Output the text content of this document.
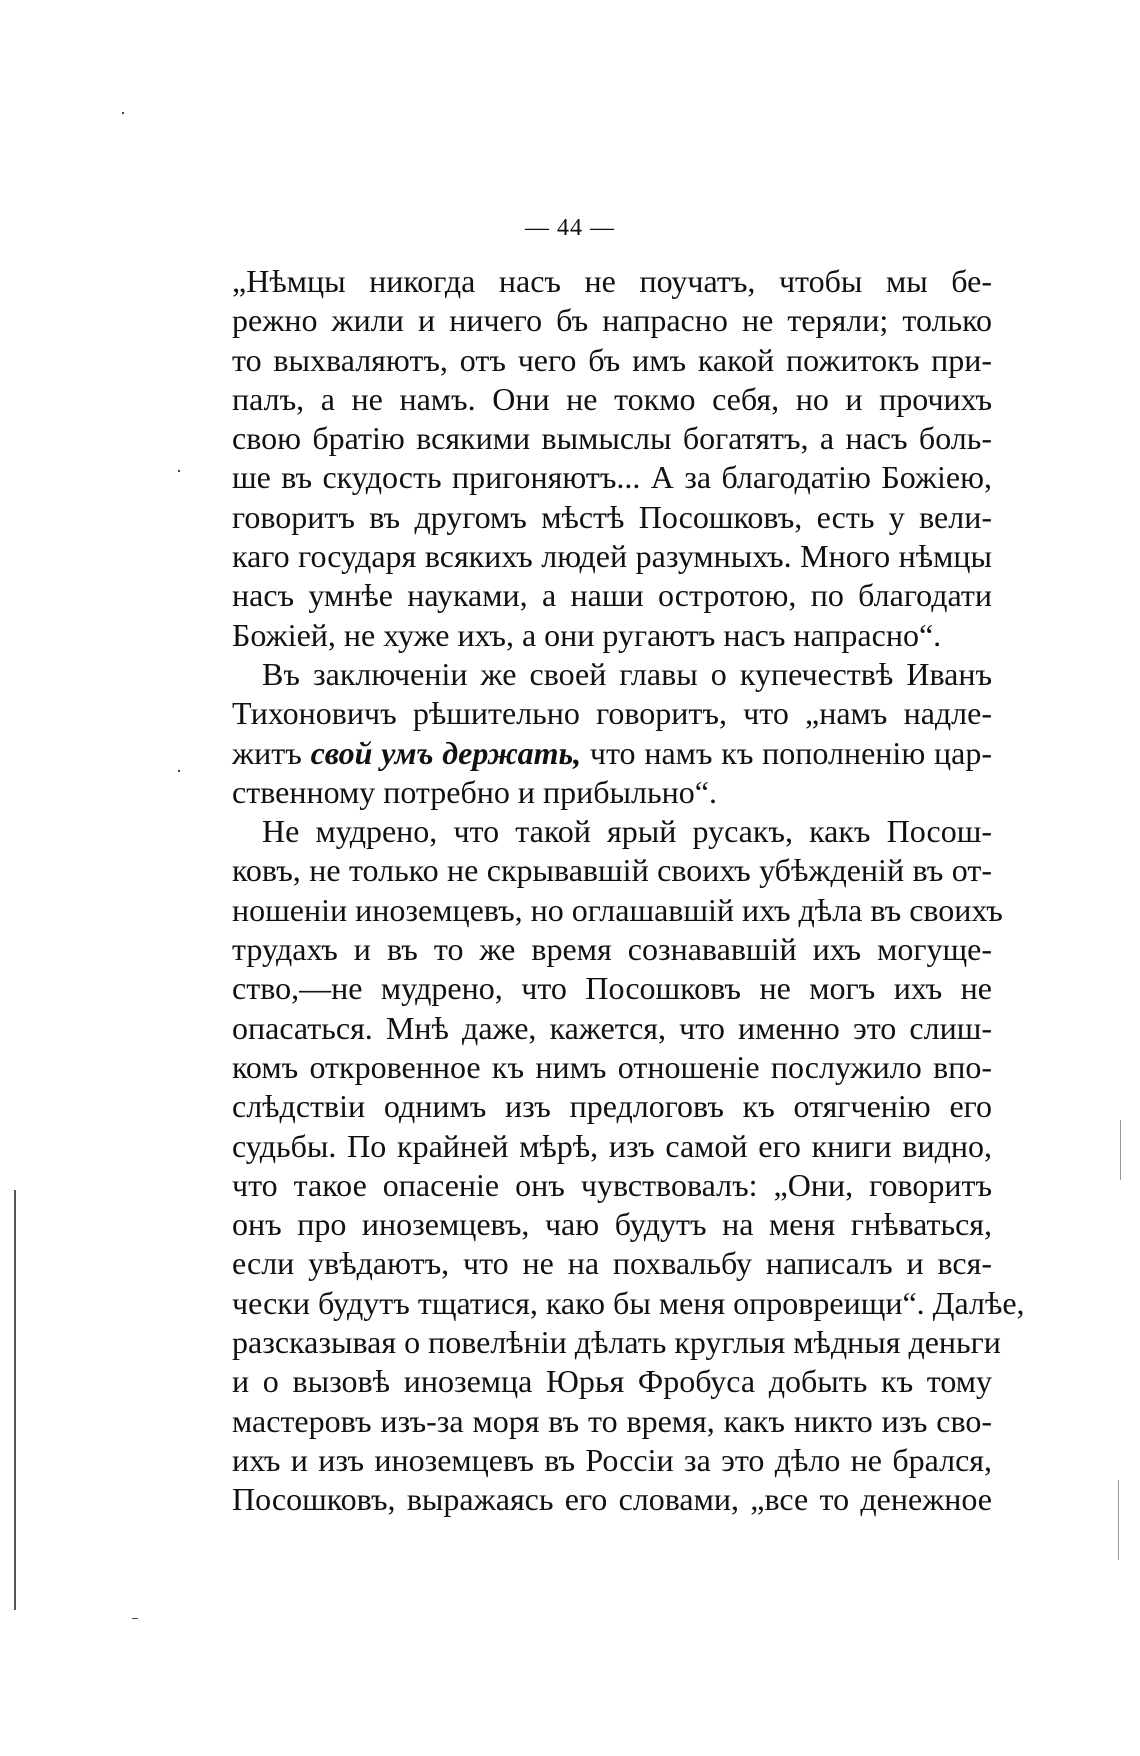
— 44 —
„Нѣмцы никогда насъ не поучатъ, чтобы мы бе-
режно жили и ничего бъ напрасно не теряли; только
то выхваляютъ, отъ чего бъ имъ какой пожитокъ при-
палъ, а не намъ. Они не токмо себя, но и прочихъ
свою братію всякими вымыслы богатятъ, а насъ боль-
ше въ скудость пригоняютъ... А за благодатію Божіею,
говоритъ въ другомъ мѣстѣ Посошковъ, есть у вели-
каго государя всякихъ людей разумныхъ. Много нѣмцы
насъ умнѣе науками, а наши остротою, по благодати
Божіей, не хуже ихъ, а они ругаютъ насъ напрасно“.
Въ заключеніи же своей главы о купечествѣ Иванъ
Тихоновичъ рѣшительно говоритъ, что „намъ надле-
житъ свой умъ держать, что намъ къ пополненію цар-
ственному потребно и прибыльно“.
Не мудрено, что такой ярый русакъ, какъ Посош-
ковъ, не только не скрывавшій своихъ убѣжденій въ от-
ношеніи иноземцевъ, но оглашавшій ихъ дѣла въ своихъ
трудахъ и въ то же время сознававшій ихъ могуще-
ство,—не мудрено, что Посошковъ не могъ ихъ не
опасаться. Мнѣ даже, кажется, что именно это слиш-
комъ откровенное къ нимъ отношеніе послужило впо-
слѣдствіи однимъ изъ предлоговъ къ отягченію его
судьбы. По крайней мѣрѣ, изъ самой его книги видно,
что такое опасеніе онъ чувствовалъ: „Они, говоритъ
онъ про иноземцевъ, чаю будутъ на меня гнѣваться,
если увѣдаютъ, что не на похвальбу написалъ и вся-
чески будутъ тщатися, како бы меня опровреищи“. Далѣе,
разсказывая о повелѣніи дѣлать круглыя мѣдныя деньги
и о вызовѣ иноземца Юрья Фробуса добыть къ тому
мастеровъ изъ-за моря въ то время, какъ никто изъ сво-
ихъ и изъ иноземцевъ въ Россіи за это дѣло не брался,
Посошковъ, выражаясь его словами, „все то денежное
